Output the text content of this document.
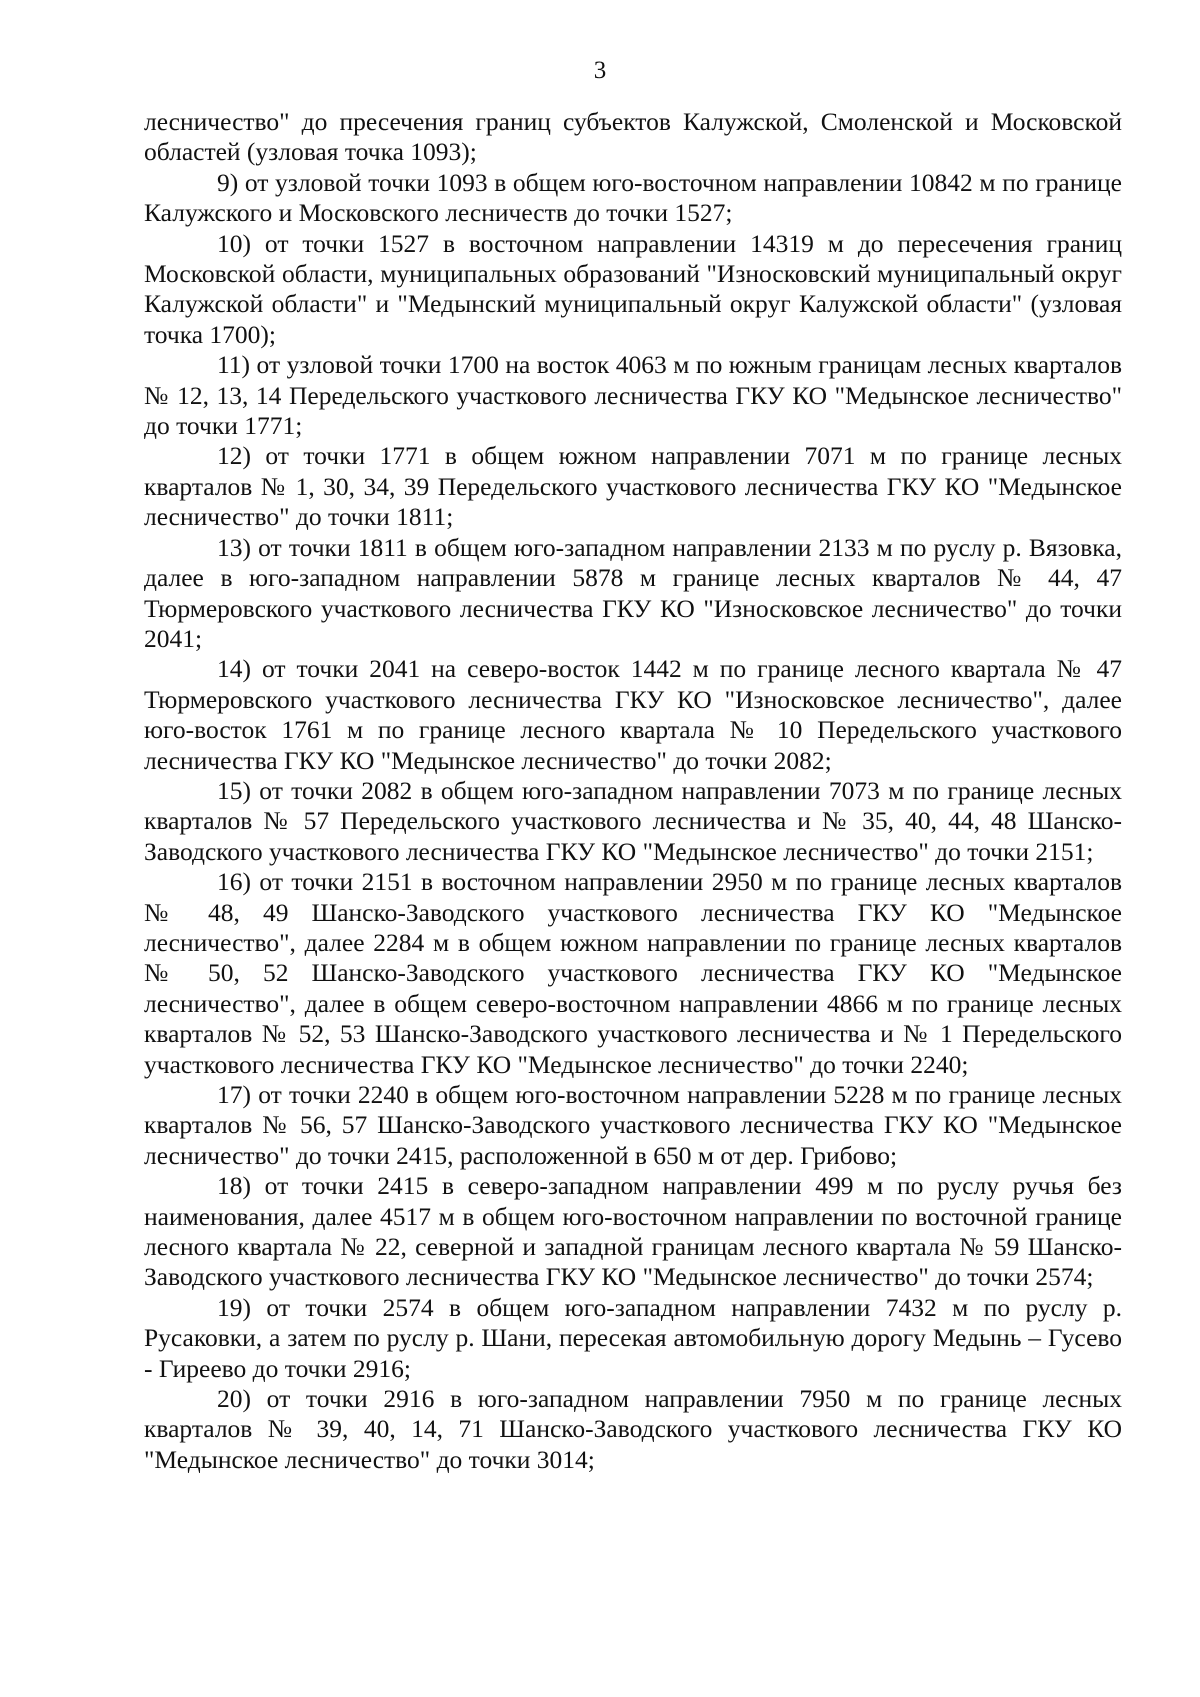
3

лесничество" до пресечения границ субъектов Калужской, Смоленской и Московской областей (узловая точка 1093);

9) от узловой точки 1093 в общем юго-восточном направлении 10842 м по границе Калужского и Московского лесничеств до точки 1527;

10) от точки 1527 в восточном направлении 14319 м до пересечения границ Московской области, муниципальных образований "Износковский муниципальный округ Калужской области" и "Медынский муниципальный округ Калужской области" (узловая точка 1700);

11) от узловой точки 1700 на восток 4063 м по южным границам лесных кварталов № 12, 13, 14 Передельского участкового лесничества ГКУ КО "Медынское лесничество" до точки 1771;

12) от точки 1771 в общем южном направлении 7071 м по границе лесных кварталов № 1, 30, 34, 39 Передельского участкового лесничества ГКУ КО "Медынское лесничество" до точки 1811;

13) от точки 1811 в общем юго-западном направлении 2133 м по руслу р. Вязовка, далее в юго-западном направлении 5878 м границе лесных кварталов № 44, 47 Тюрмеровского участкового лесничества ГКУ КО "Износковское лесничество" до точки 2041;

14) от точки 2041 на северо-восток 1442 м по границе лесного квартала № 47 Тюрмеровского участкового лесничества ГКУ КО "Износковское лесничество", далее юго-восток 1761 м по границе лесного квартала № 10 Передельского участкового лесничества ГКУ КО "Медынское лесничество" до точки 2082;

15) от точки 2082 в общем юго-западном направлении 7073 м по границе лесных кварталов № 57 Передельского участкового лесничества и № 35, 40, 44, 48 Шанско-Заводского участкового лесничества ГКУ КО "Медынское лесничество" до точки 2151;

16) от точки 2151 в восточном направлении 2950 м по границе лесных кварталов № 48, 49 Шанско-Заводского участкового лесничества ГКУ КО "Медынское лесничество", далее 2284 м в общем южном направлении по границе лесных кварталов № 50, 52 Шанско-Заводского участкового лесничества ГКУ КО "Медынское лесничество", далее в общем северо-восточном направлении 4866 м по границе лесных кварталов № 52, 53 Шанско-Заводского участкового лесничества и № 1 Передельского участкового лесничества ГКУ КО "Медынское лесничество" до точки 2240;

17) от точки 2240 в общем юго-восточном направлении 5228 м по границе лесных кварталов № 56, 57 Шанско-Заводского участкового лесничества ГКУ КО "Медынское лесничество" до точки 2415, расположенной в 650 м от дер. Грибово;

18) от точки 2415 в северо-западном направлении 499 м по руслу ручья без наименования, далее 4517 м в общем юго-восточном направлении по восточной границе лесного квартала № 22, северной и западной границам лесного квартала № 59 Шанско-Заводского участкового лесничества ГКУ КО "Медынское лесничество" до точки 2574;

19) от точки 2574 в общем юго-западном направлении 7432 м по руслу р. Русаковки, а затем по руслу р. Шани, пересекая автомобильную дорогу Медынь – Гусево - Гиреево до точки 2916;

20) от точки 2916 в юго-западном направлении 7950 м по границе лесных кварталов № 39, 40, 14, 71 Шанско-Заводского участкового лесничества ГКУ КО "Медынское лесничество" до точки 3014;
